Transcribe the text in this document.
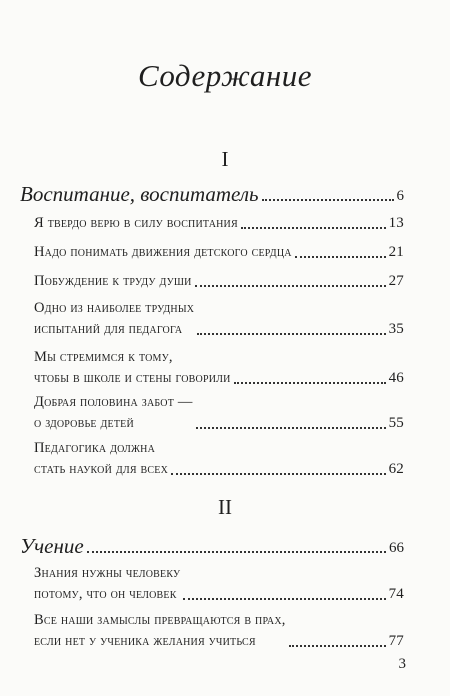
Содержание
I
Воспитание, воспитатель	6
Я твердо верю в силу воспитания	13
Надо понимать движения детского сердца	21
Побуждение к труду души	27
Одно из наиболее трудных
испытаний для педагога	35
Мы стремимся к тому,
чтобы в школе и стены говорили	46
Добрая половина забот —
о здоровье детей	55
Педагогика должна
стать наукой для всех	62
II
Учение	66
Знания нужны человеку
потому, что он человек	74
Все наши замыслы превращаются в прах,
если нет у ученика желания учиться	77
3
